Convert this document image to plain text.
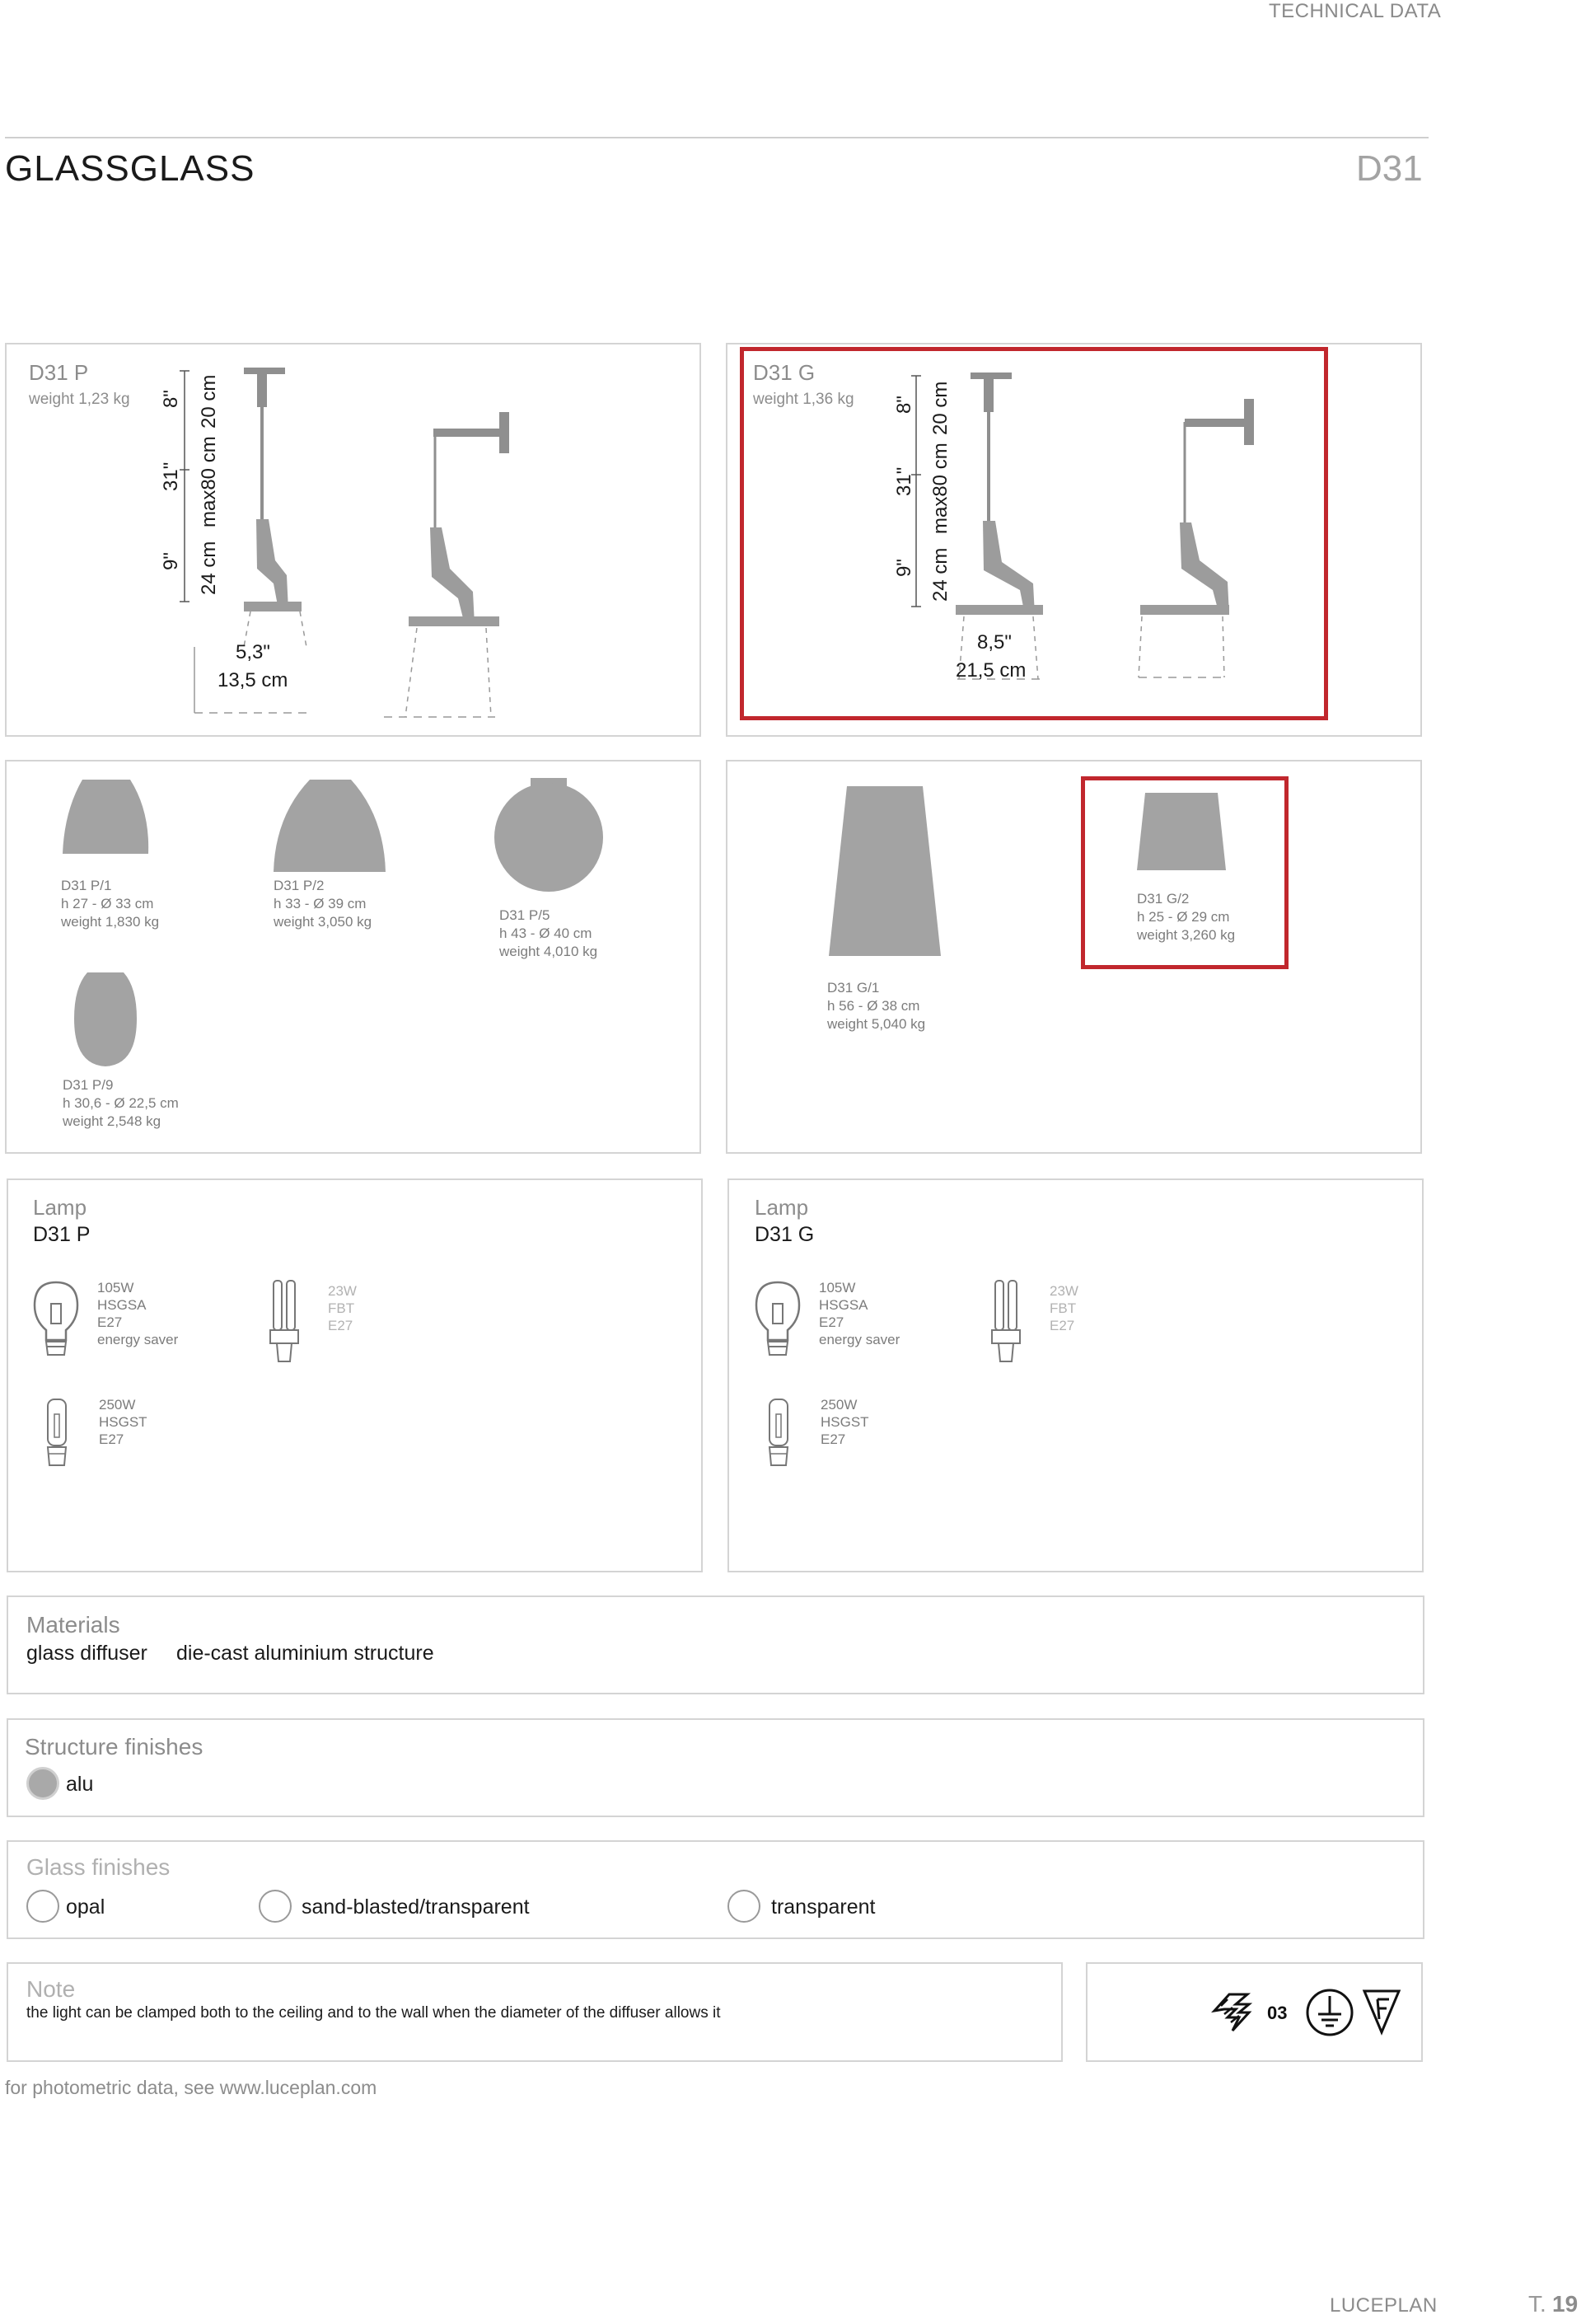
TECHNICAL DATA
GLASSGLASS	D31
D31 P
weight 1,23 kg
9"
31"
8"
24 cm
max80 cm
20 cm
5,3"
13,5 cm
D31 G
weight 1,36 kg
9"
31"
8"
24 cm
max80 cm
20 cm
8,5"
21,5 cm
D31 P/1
h 27 - Ø 33 cm
weight 1,830 kg
D31 P/2
h 33 - Ø 39 cm
weight 3,050 kg	D31 P/5
h 43 - Ø 40 cm
weight 4,010 kg
D31 P/9
h 30,6 - Ø 22,5 cm
weight 2,548 kg
D31 G/1
h 56 - Ø 38 cm
weight 5,040 kg
D31 G/2
h 25 - Ø 29 cm
weight 3,260 kg
Lamp
D31 P
105W
HSGSA
E27
energy saver
23W
FBT
E27
250W
HSGST
E27
Lamp
D31 G
105W
HSGSA
E27
energy saver
23W
FBT
E27
250W
HSGST
E27
Materials
glass diffuser die-cast aluminium structure
Structure finishes
alu
Glass finishes
opal	sand-blasted/transparent	transparent
Note
the light can be clamped both to the ceiling and to the wall when the diameter of the diffuser allows it	03
for photometric data, see www.luceplan.com
LUCEPLAN	T. 19
